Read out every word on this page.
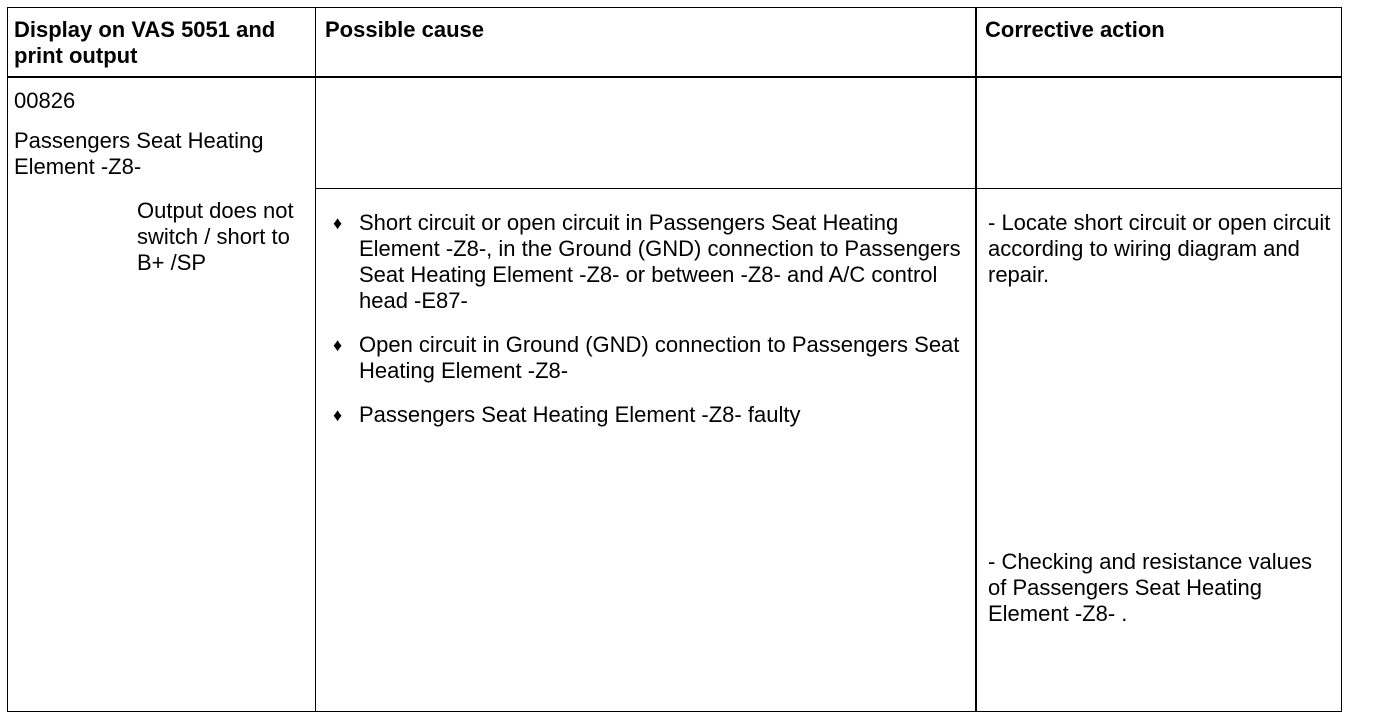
Display on VAS 5051 and print output
Possible cause	Corrective action
00826
Passengers Seat Heating Element -Z8-
Output does not switch / short to B+ /SP
♦ Short circuit or open circuit in Passengers Seat Heating Element -Z8-, in the Ground (GND) connection to Passengers Seat Heating Element -Z8- or between -Z8- and A/C control head -E87-
♦ Open circuit in Ground (GND) connection to Passengers Seat Heating Element -Z8-
♦ Passengers Seat Heating Element -Z8- faulty
- Locate short circuit or open circuit according to wiring diagram and repair.
- Checking and resistance values of Passengers Seat Heating Element -Z8- .
